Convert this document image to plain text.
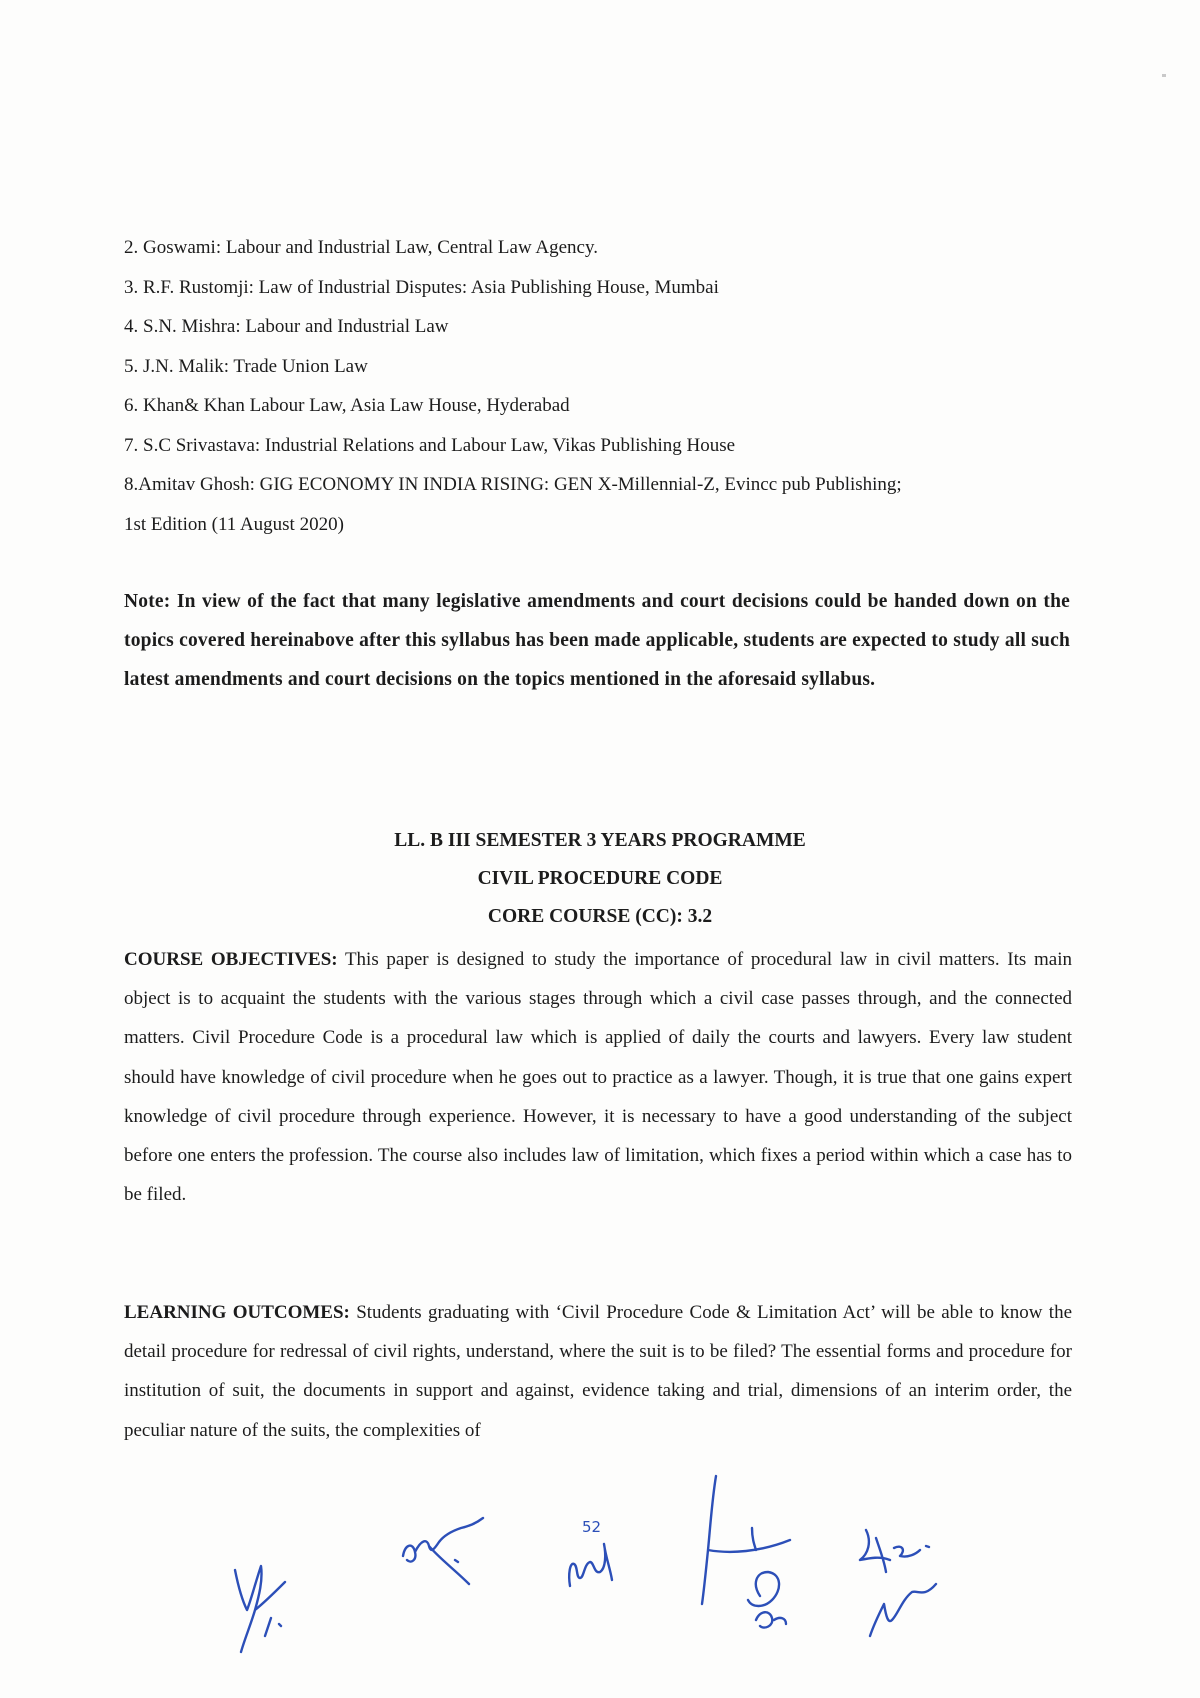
2. Goswami: Labour and Industrial Law, Central Law Agency.
3. R.F. Rustomji: Law of Industrial Disputes: Asia Publishing House, Mumbai
4. S.N. Mishra: Labour and Industrial Law
5. J.N. Malik: Trade Union Law
6. Khan& Khan Labour Law, Asia Law House, Hyderabad
7. S.C Srivastava: Industrial Relations and Labour Law, Vikas Publishing House
8.Amitav Ghosh: GIG ECONOMY IN INDIA RISING: GEN X-Millennial-Z, Evincc pub Publishing;
1st Edition (11 August 2020)
Note: In view of the fact that many legislative amendments and court decisions could be handed down on the topics covered hereinabove after this syllabus has been made applicable, students are expected to study all such latest amendments and court decisions on the topics mentioned in the aforesaid syllabus.
LL. B III SEMESTER 3 YEARS PROGRAMME
CIVIL PROCEDURE CODE
CORE COURSE (CC): 3.2
COURSE OBJECTIVES: This paper is designed to study the importance of procedural law in civil matters. Its main object is to acquaint the students with the various stages through which a civil case passes through, and the connected matters. Civil Procedure Code is a procedural law which is applied of daily the courts and lawyers. Every law student should have knowledge of civil procedure when he goes out to practice as a lawyer. Though, it is true that one gains expert knowledge of civil procedure through experience. However, it is necessary to have a good understanding of the subject before one enters the profession. The course also includes law of limitation, which fixes a period within which a case has to be filed.
LEARNING OUTCOMES: Students graduating with ‘Civil Procedure Code & Limitation Act’ will be able to know the detail procedure for redressal of civil rights, understand, where the suit is to be filed? The essential forms and procedure for institution of suit, the documents in support and against, evidence taking and trial, dimensions of an interim order, the peculiar nature of the suits, the complexities of
52
